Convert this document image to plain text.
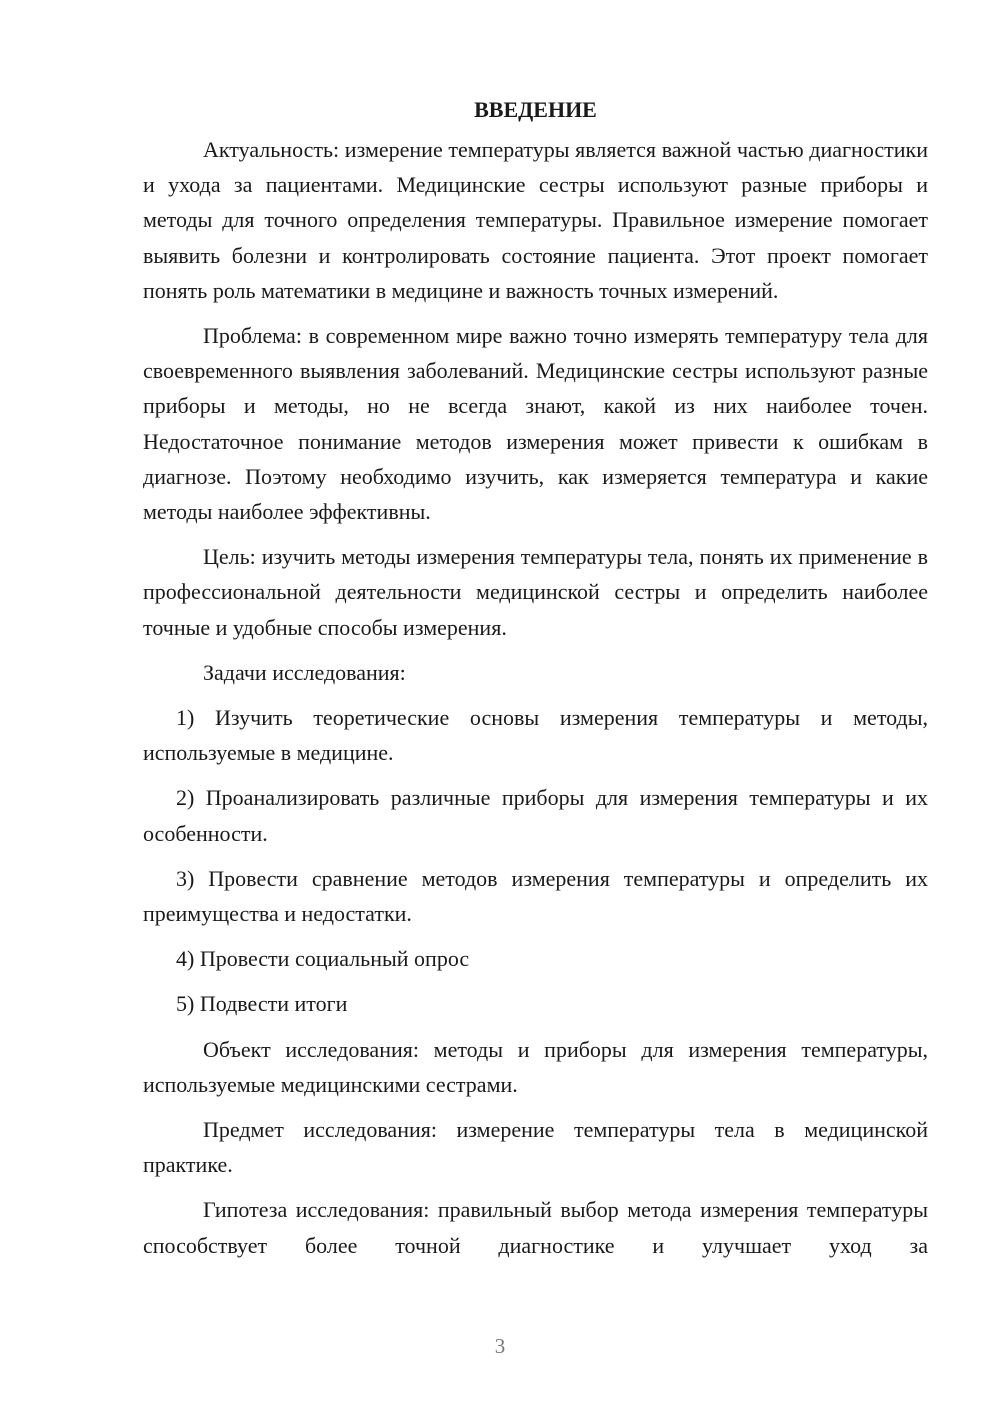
ВВЕДЕНИЕ

Актуальность: измерение температуры является важной частью диагностики и ухода за пациентами. Медицинские сестры используют разные приборы и методы для точного определения температуры. Правильное измерение помогает выявить болезни и контролировать состояние пациента. Этот проект помогает понять роль математики в медицине и важность точных измерений.

Проблема: в современном мире важно точно измерять температуру тела для своевременного выявления заболеваний. Медицинские сестры используют разные приборы и методы, но не всегда знают, какой из них наиболее точен. Недостаточное понимание методов измерения может привести к ошибкам в диагнозе. Поэтому необходимо изучить, как измеряется температура и какие методы наиболее эффективны.

Цель: изучить методы измерения температуры тела, понять их применение в профессиональной деятельности медицинской сестры и определить наиболее точные и удобные способы измерения.

Задачи исследования:

1) Изучить теоретические основы измерения температуры и методы, используемые в медицине.

2) Проанализировать различные приборы для измерения температуры и их особенности.

3) Провести сравнение методов измерения температуры и определить их преимущества и недостатки.

4) Провести социальный опрос

5) Подвести итоги

Объект исследования: методы и приборы для измерения температуры, используемые медицинскими сестрами.

Предмет исследования: измерение температуры тела в медицинской практике.

Гипотеза исследования: правильный выбор метода измерения температуры способствует более точной диагностике и улучшает уход за

3
